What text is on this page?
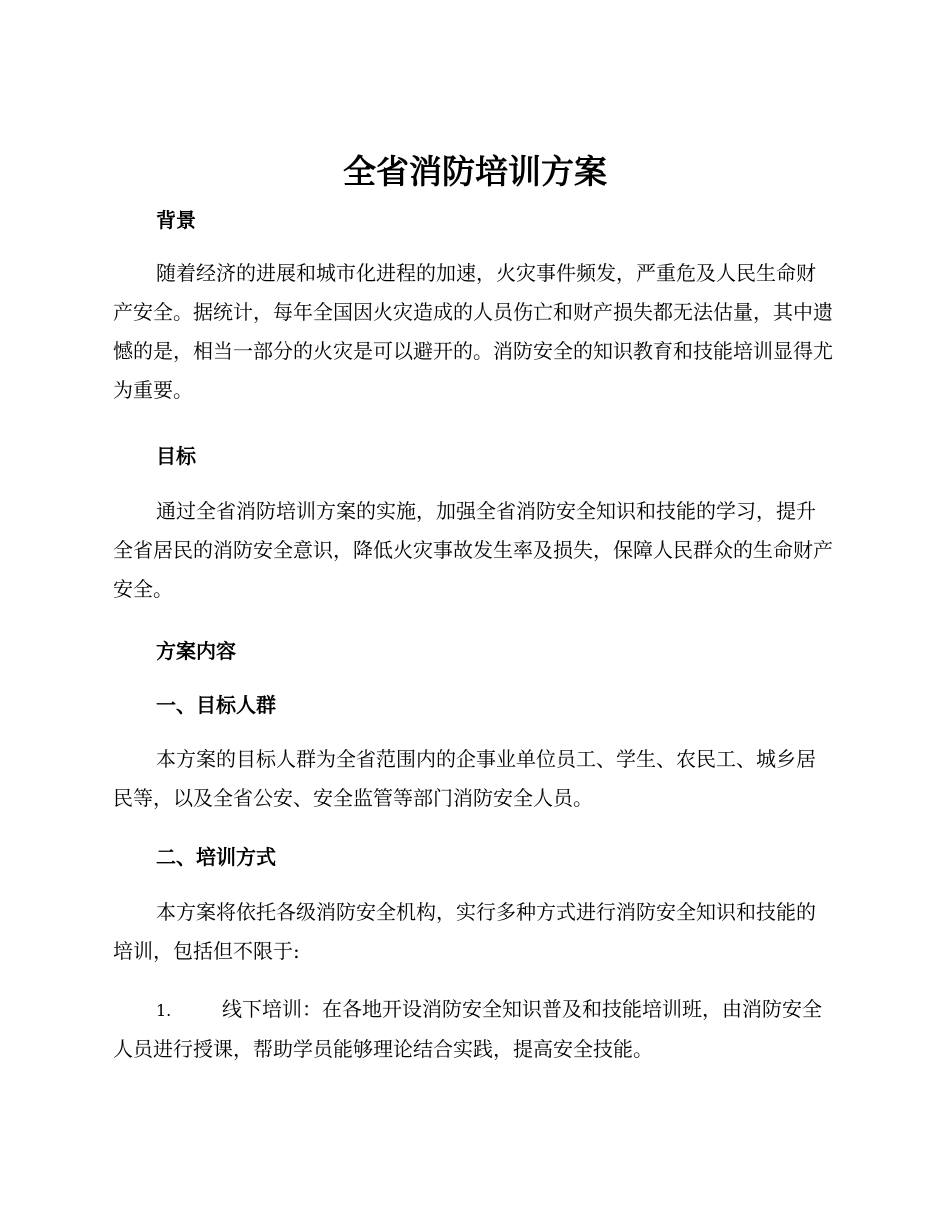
全省消防培训方案
背景
随着经济的进展和城市化进程的加速，火灾事件频发，严重危及人民生命财产安全。据统计，每年全国因火灾造成的人员伤亡和财产损失都无法估量，其中遗憾的是，相当一部分的火灾是可以避开的。消防安全的知识教育和技能培训显得尤为重要。
目标
通过全省消防培训方案的实施，加强全省消防安全知识和技能的学习，提升全省居民的消防安全意识，降低火灾事故发生率及损失，保障人民群众的生命财产安全。
方案内容
一、目标人群
本方案的目标人群为全省范围内的企事业单位员工、学生、农民工、城乡居民等，以及全省公安、安全监管等部门消防安全人员。
二、培训方式
本方案将依托各级消防安全机构，实行多种方式进行消防安全知识和技能的培训，包括但不限于:
1.	线下培训：在各地开设消防安全知识普及和技能培训班，由消防安全人员进行授课，帮助学员能够理论结合实践，提高安全技能。
